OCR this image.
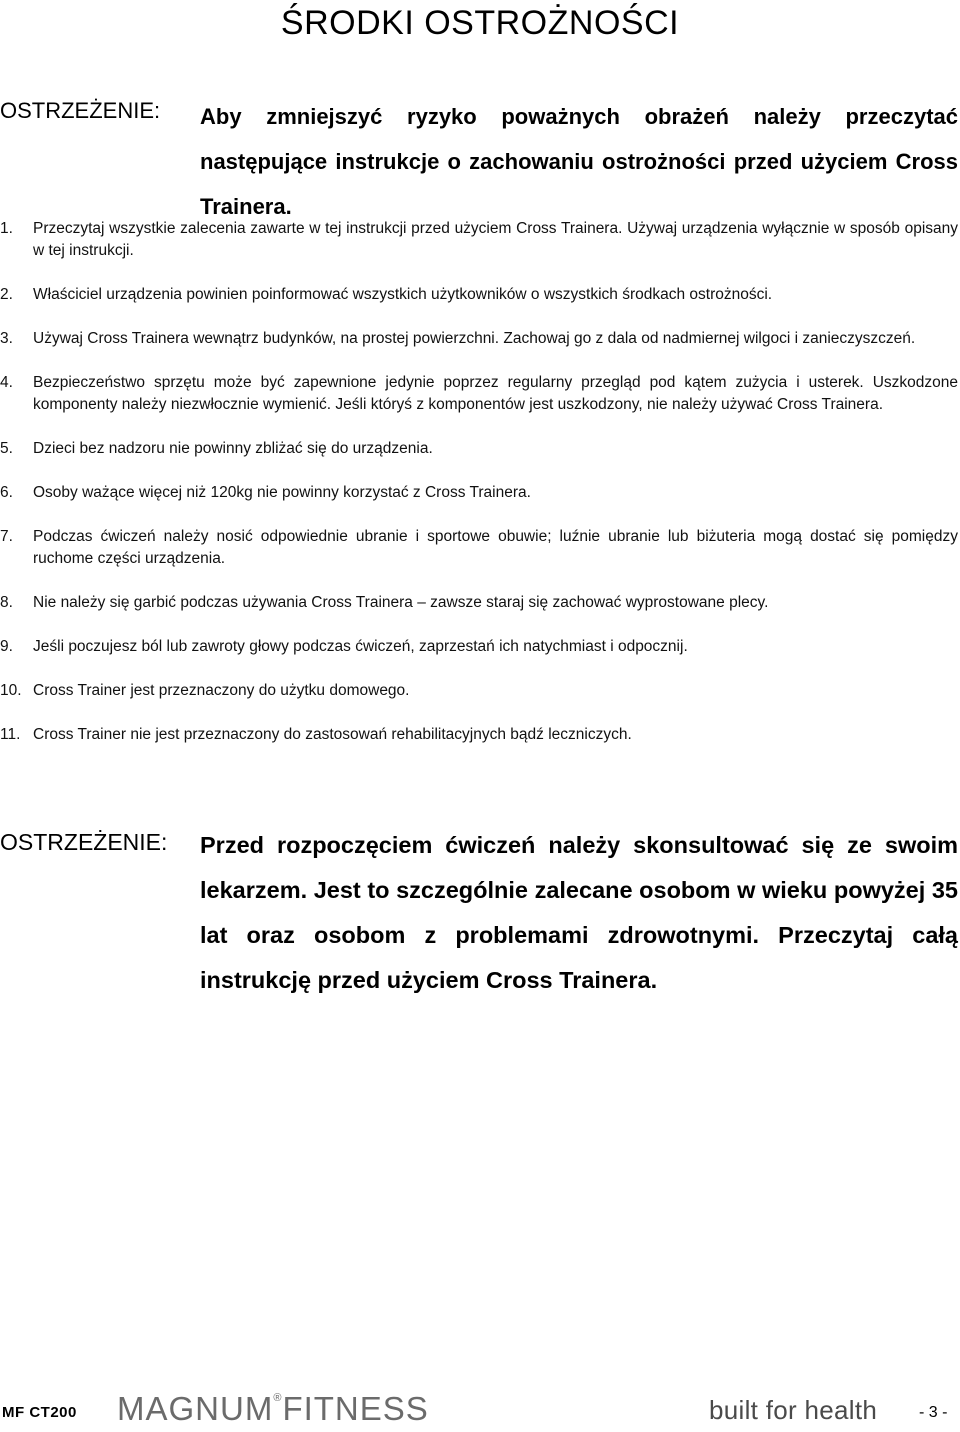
ŚRODKI OSTROŻNOŚCI
OSTRZEŻENIE: Aby zmniejszyć ryzyko poważnych obrażeń należy przeczytać następujące instrukcje o zachowaniu ostrożności przed użyciem Cross Trainera.

1. Przeczytaj wszystkie zalecenia zawarte w tej instrukcji przed użyciem Cross Trainera. Używaj urządzenia wyłącznie w sposób opisany w tej instrukcji.
2. Właściciel urządzenia powinien poinformować wszystkich użytkowników o wszystkich środkach ostrożności.
3. Używaj Cross Trainera wewnątrz budynków, na prostej powierzchni. Zachowaj go z dala od nadmiernej wilgoci i zanieczyszczeń.
4. Bezpieczeństwo sprzętu może być zapewnione jedynie poprzez regularny przegląd pod kątem zużycia i usterek. Uszkodzone komponenty należy niezwłocznie wymienić. Jeśli któryś z komponentów jest uszkodzony, nie należy używać Cross Trainera.
5. Dzieci bez nadzoru nie powinny zbliżać się do urządzenia.
6. Osoby ważące więcej niż 120kg nie powinny korzystać z Cross Trainera.
7. Podczas ćwiczeń należy nosić odpowiednie ubranie i sportowe obuwie; luźnie ubranie lub biżuteria mogą dostać się pomiędzy ruchome części urządzenia.
8. Nie należy się garbić podczas używania Cross Trainera – zawsze staraj się zachować wyprostowane plecy.
9. Jeśli poczujesz ból lub zawroty głowy podczas ćwiczeń, zaprzestań ich natychmiast i odpocznij.
10. Cross Trainer jest przeznaczony do użytku domowego.
11. Cross Trainer nie jest przeznaczony do zastosowań rehabilitacyjnych bądź leczniczych.
OSTRZEŻENIE: Przed rozpoczęciem ćwiczeń należy skonsultować się ze swoim lekarzem. Jest to szczególnie zalecane osobom w wieku powyżej 35 lat oraz osobom z problemami zdrowotnymi. Przeczytaj całą instrukcję przed użyciem Cross Trainera.

MF CT200 MAGNUM®FITNESS	built for health	- 3 -
